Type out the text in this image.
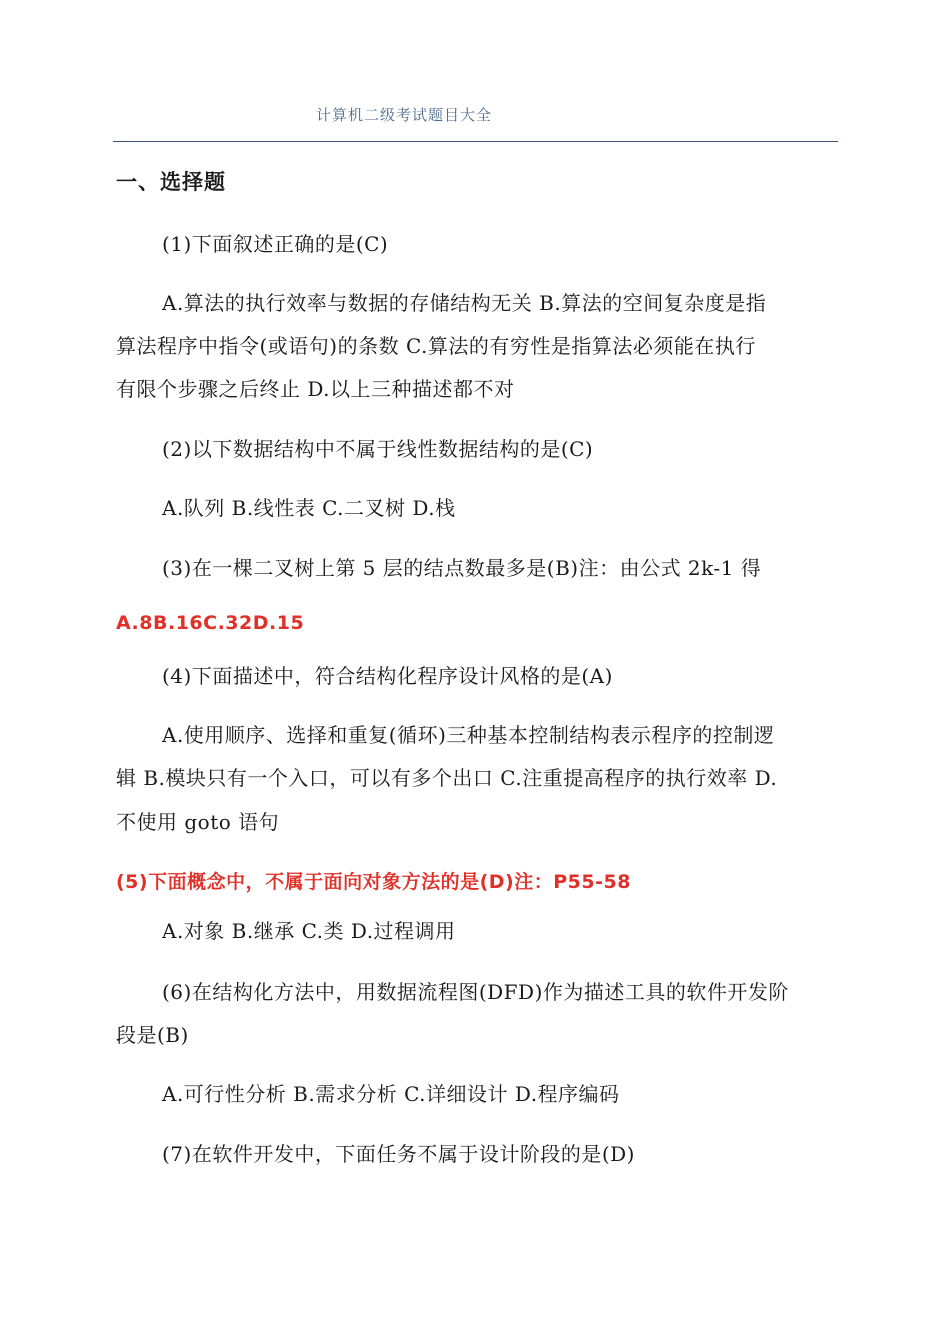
计算机二级考试题目大全
一、选择题
(1)下面叙述正确的是(C)
A.算法的执行效率与数据的存储结构无关 B.算法的空间复杂度是指
算法程序中指令(或语句)的条数 C.算法的有穷性是指算法必须能在执行
有限个步骤之后终止 D.以上三种描述都不对
(2)以下数据结构中不属于线性数据结构的是(C)
A.队列 B.线性表 C.二叉树 D.栈
(3)在一棵二叉树上第 5 层的结点数最多是(B)注：由公式 2k-1 得
A.8B.16C.32D.15
(4)下面描述中，符合结构化程序设计风格的是(A)
A.使用顺序、选择和重复(循环)三种基本控制结构表示程序的控制逻
辑 B.模块只有一个入口，可以有多个出口 C.注重提高程序的执行效率 D.
不使用 goto 语句
(5)下面概念中，不属于面向对象方法的是(D)注：P55-58
A.对象 B.继承 C.类 D.过程调用
(6)在结构化方法中，用数据流程图(DFD)作为描述工具的软件开发阶
段是(B)
A.可行性分析 B.需求分析 C.详细设计 D.程序编码
(7)在软件开发中，下面任务不属于设计阶段的是(D)
